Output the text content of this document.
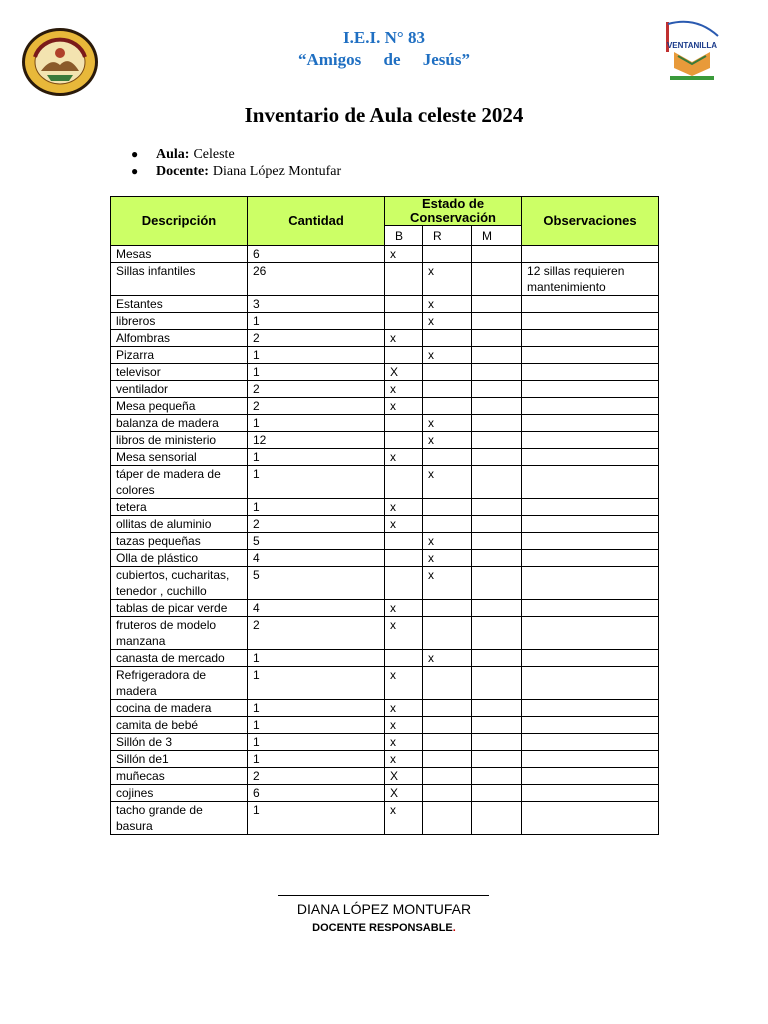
VENTANILLA
I.E.I. N° 83
“Amigos de Jesús”
Inventario de Aula celeste 2024
●	Aula: Celeste
●	Docente: Diana López Montufar
Descripción	Cantidad	Estado de Conservación			Observaciones
		B	R	M	
Mesas	6	x			
Sillas infantiles	26		x		12 sillas requieren mantenimiento
Estantes	3		x		
libreros	1		x		
Alfombras	2	x			
Pizarra	1		x		
televisor	1	X			
ventilador	2	x			
Mesa pequeña	2	x			
balanza de madera	1		x		
libros de ministerio	12		x		
Mesa sensorial	1	x			
táper de madera de colores	1		x		
tetera	1	x			
ollitas de aluminio	2	x			
tazas pequeñas	5		x		
Olla de plástico	4		x		
cubiertos, cucharitas, tenedor , cuchillo	5		x		
tablas de picar verde	4	x			
fruteros de modelo manzana	2	x			
canasta de mercado	1		x		
Refrigeradora de madera	1	x			
cocina de madera	1	x			
camita de bebé	1	x			
Sillón de 3	1	x			
Sillón de1	1	x			
muñecas	2	X			
cojines	6	X			
tacho grande de basura	1	x			
DIANA LÓPEZ MONTUFAR
DOCENTE RESPONSABLE.
